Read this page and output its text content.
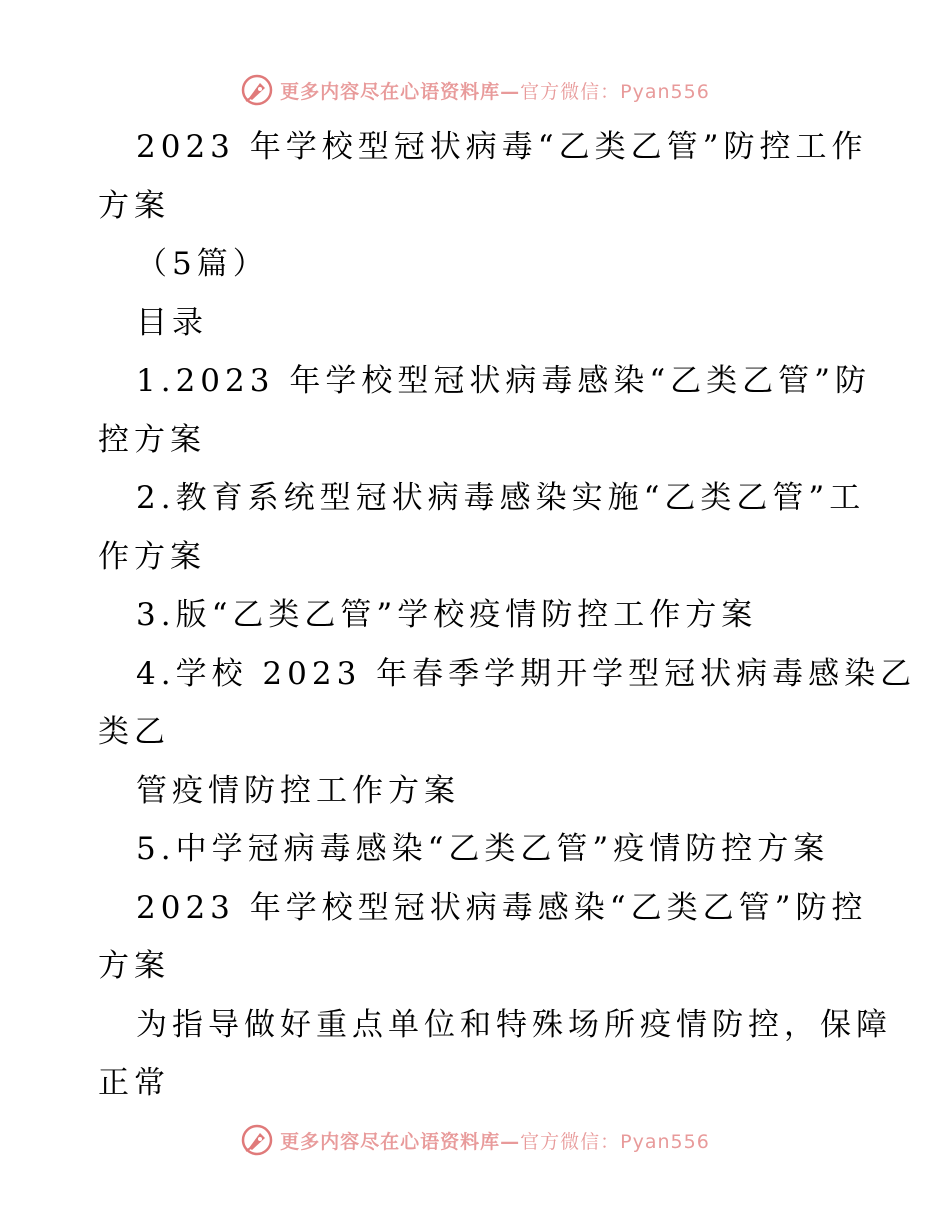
更多内容尽在心语资料库—官方微信：Pyan556
2023 年学校型冠状病毒“乙类乙管”防控工作
方案
（5篇）
目录
1.2023 年学校型冠状病毒感染“乙类乙管”防
控方案
2.教育系统型冠状病毒感染实施“乙类乙管”工
作方案
3.版“乙类乙管”学校疫情防控工作方案
4.学校 2023 年春季学期开学型冠状病毒感染乙
类乙
管疫情防控工作方案
5.中学冠病毒感染“乙类乙管”疫情防控方案
2023 年学校型冠状病毒感染“乙类乙管”防控
方案
为指导做好重点单位和特殊场所疫情防控，保障
正常
更多内容尽在心语资料库—官方微信：Pyan556
